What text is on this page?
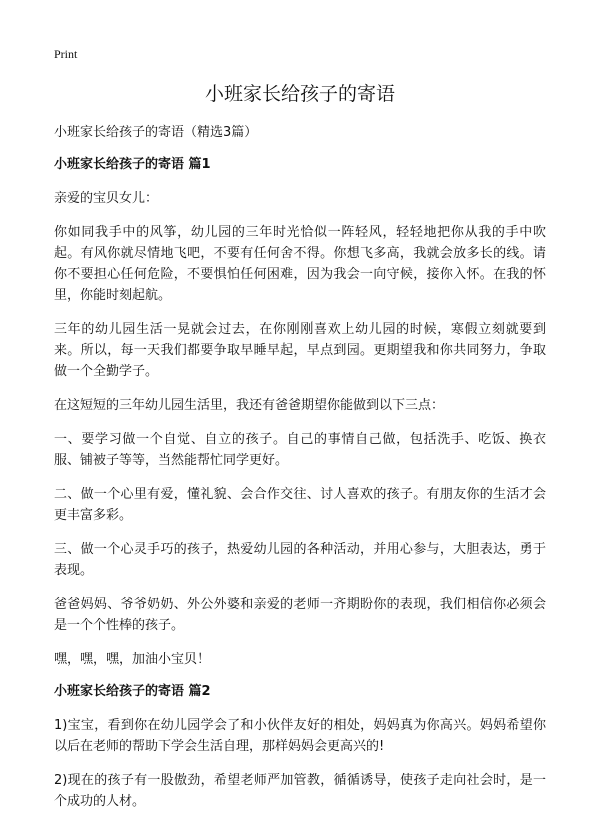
Print
小班家长给孩子的寄语
小班家长给孩子的寄语（精选3篇）
小班家长给孩子的寄语 篇1

亲爱的宝贝女儿：

你如同我手中的风筝，幼儿园的三年时光恰似一阵轻风，轻轻地把你从我的手中吹起。有风你就尽情地飞吧，不要有任何舍不得。你想飞多高，我就会放多长的线。请你不要担心任何危险，不要惧怕任何困难，因为我会一向守候，接你入怀。在我的怀里，你能时刻起航。

三年的幼儿园生活一晃就会过去，在你刚刚喜欢上幼儿园的时候，寒假立刻就要到来。所以，每一天我们都要争取早睡早起，早点到园。更期望我和你共同努力，争取做一个全勤学子。

在这短短的三年幼儿园生活里，我还有爸爸期望你能做到以下三点：

一、要学习做一个自觉、自立的孩子。自己的事情自己做，包括洗手、吃饭、换衣服、铺被子等等，当然能帮忙同学更好。

二、做一个心里有爱，懂礼貌、会合作交往、讨人喜欢的孩子。有朋友你的生活才会更丰富多彩。

三、做一个心灵手巧的孩子，热爱幼儿园的各种活动，并用心参与，大胆表达，勇于表现。

爸爸妈妈、爷爷奶奶、外公外婆和亲爱的老师一齐期盼你的表现，我们相信你必须会是一个个性棒的孩子。

嘿，嘿，嘿，加油小宝贝！

小班家长给孩子的寄语 篇2

1)宝宝，看到你在幼儿园学会了和小伙伴友好的相处，妈妈真为你高兴。妈妈希望你以后在老师的帮助下学会生活自理，那样妈妈会更高兴的!

2)现在的孩子有一股傲劲，希望老师严加管教，循循诱导，使孩子走向社会时，是一个成功的人材。
